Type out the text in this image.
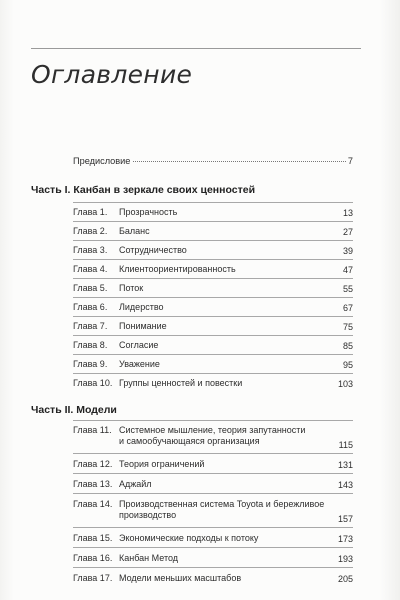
Оглавление
Предисловие	7
Часть I. Канбан в зеркале своих ценностей
Глава 1.	Прозрачность	13
Глава 2.	Баланс	27
Глава 3.	Сотрудничество	39
Глава 4.	Клиентоориентированность	47
Глава 5.	Поток	55
Глава 6.	Лидерство	67
Глава 7.	Понимание	75
Глава 8.	Согласие	85
Глава 9.	Уважение	95
Глава 10. Группы ценностей и повестки	103
Часть II. Модели
Глава 11. Системное мышление, теория запутанности
и самообучающаяся организация	115
Глава 12. Теория ограничений	131
Глава 13. Аджайл	143
Глава 14. Производственная система Toyota и бережливое
производство	157
Глава 15. Экономические подходы к потоку	173
Глава 16. Канбан Метод	193
Глава 17. Модели меньших масштабов	205
